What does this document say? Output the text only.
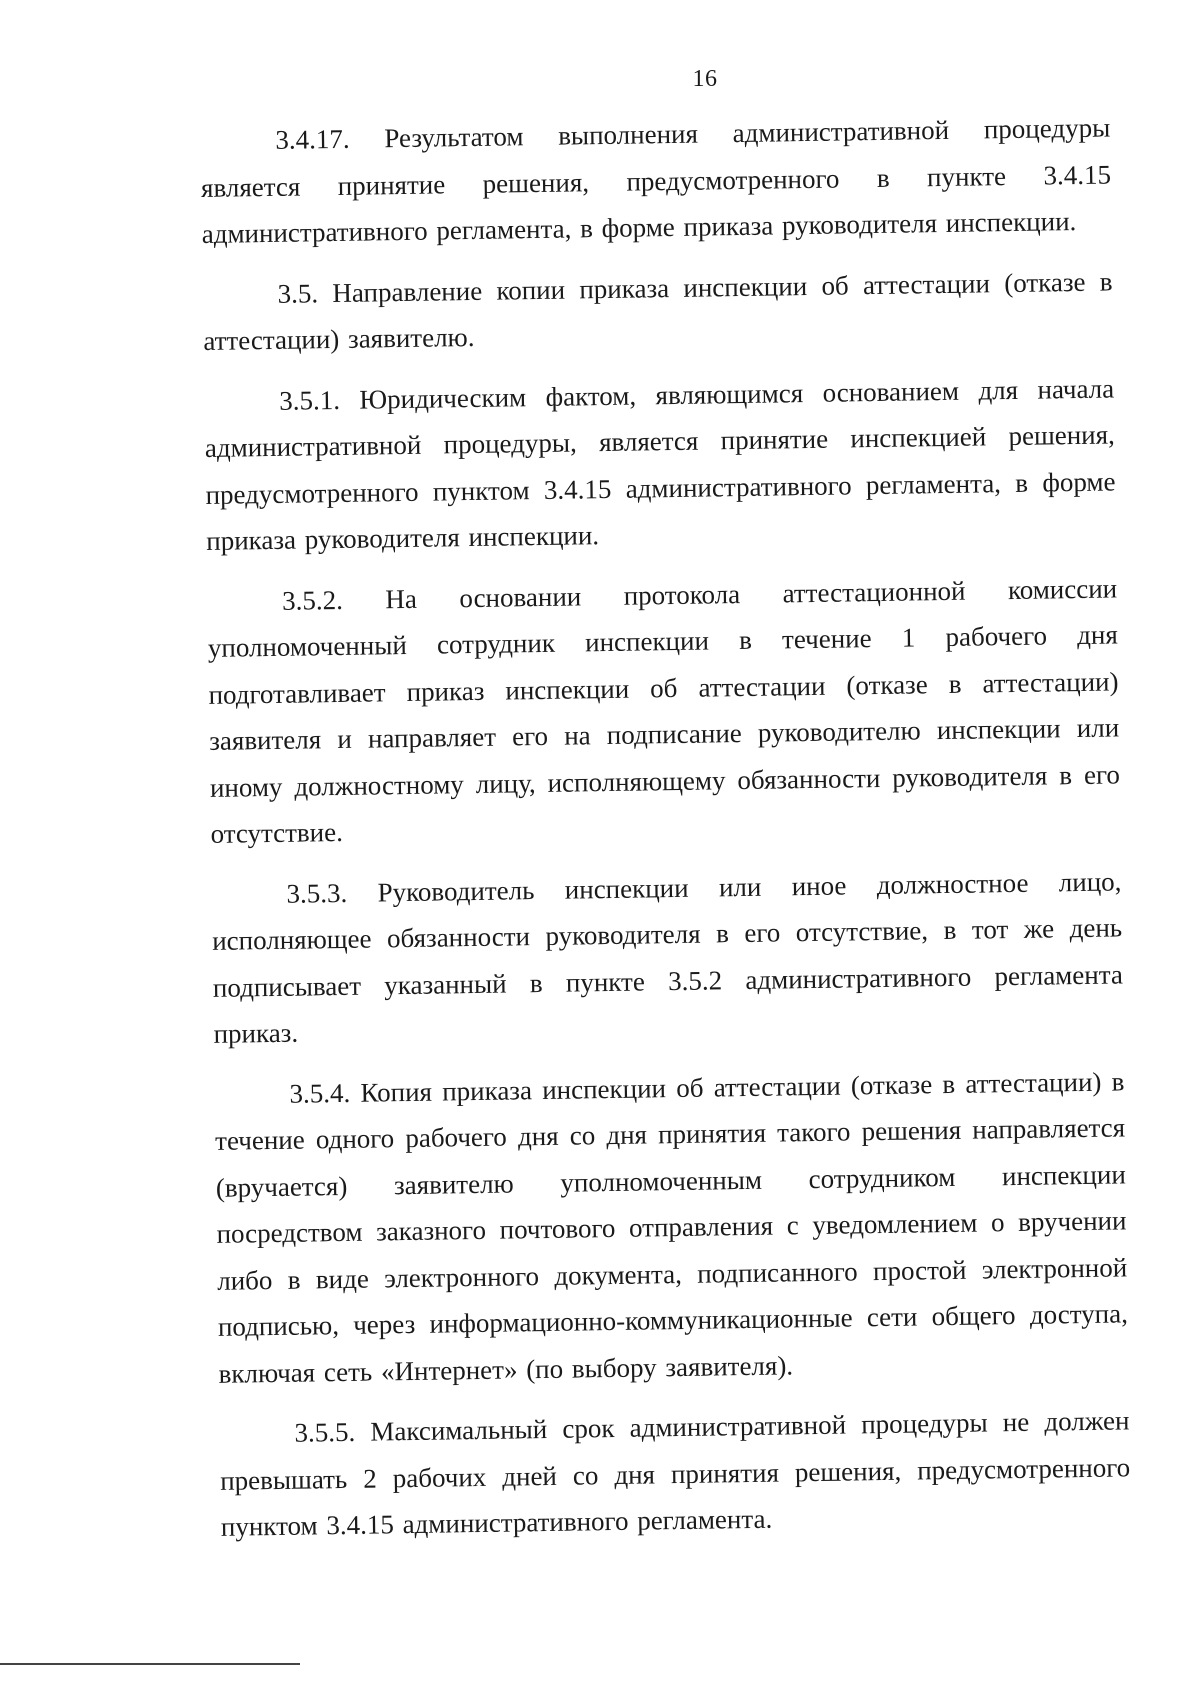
16

3.4.17. Результатом выполнения административной процедуры является принятие решения, предусмотренного в пункте 3.4.15 административного регламента, в форме приказа руководителя инспекции.

3.5. Направление копии приказа инспекции об аттестации (отказе в аттестации) заявителю.

3.5.1. Юридическим фактом, являющимся основанием для начала административной процедуры, является принятие инспекцией решения, предусмотренного пунктом 3.4.15 административного регламента, в форме приказа руководителя инспекции.

3.5.2. На основании протокола аттестационной комиссии уполномоченный сотрудник инспекции в течение 1 рабочего дня подготавливает приказ инспекции об аттестации (отказе в аттестации) заявителя и направляет его на подписание руководителю инспекции или иному должностному лицу, исполняющему обязанности руководителя в его отсутствие.

3.5.3. Руководитель инспекции или иное должностное лицо, исполняющее обязанности руководителя в его отсутствие, в тот же день подписывает указанный в пункте 3.5.2 административного регламента приказ.

3.5.4. Копия приказа инспекции об аттестации (отказе в аттестации) в течение одного рабочего дня со дня принятия такого решения направляется (вручается) заявителю уполномоченным сотрудником инспекции посредством заказного почтового отправления с уведомлением о вручении либо в виде электронного документа, подписанного простой электронной подписью, через информационно-коммуникационные сети общего доступа, включая сеть «Интернет» (по выбору заявителя).

3.5.5. Максимальный срок административной процедуры не должен превышать 2 рабочих дней со дня принятия решения, предусмотренного пунктом 3.4.15 административного регламента.
